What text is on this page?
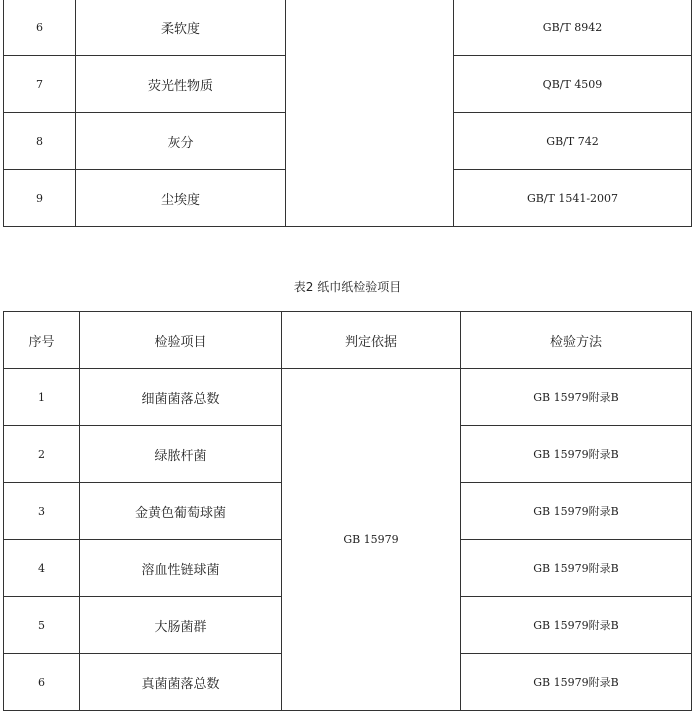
6	柔软度		GB/T 8942
7	荧光性物质		QB/T 4509
8	灰分		GB/T 742
9	尘埃度		GB/T 1541-2007
表2 纸巾纸检验项目
序号	检验项目	判定依据	检验方法
1	细菌菌落总数	GB 15979	GB 15979附录B
2	绿脓杆菌		GB 15979附录B
3	金黄色葡萄球菌		GB 15979附录B
4	溶血性链球菌		GB 15979附录B
5	大肠菌群		GB 15979附录B
6	真菌菌落总数		GB 15979附录B
